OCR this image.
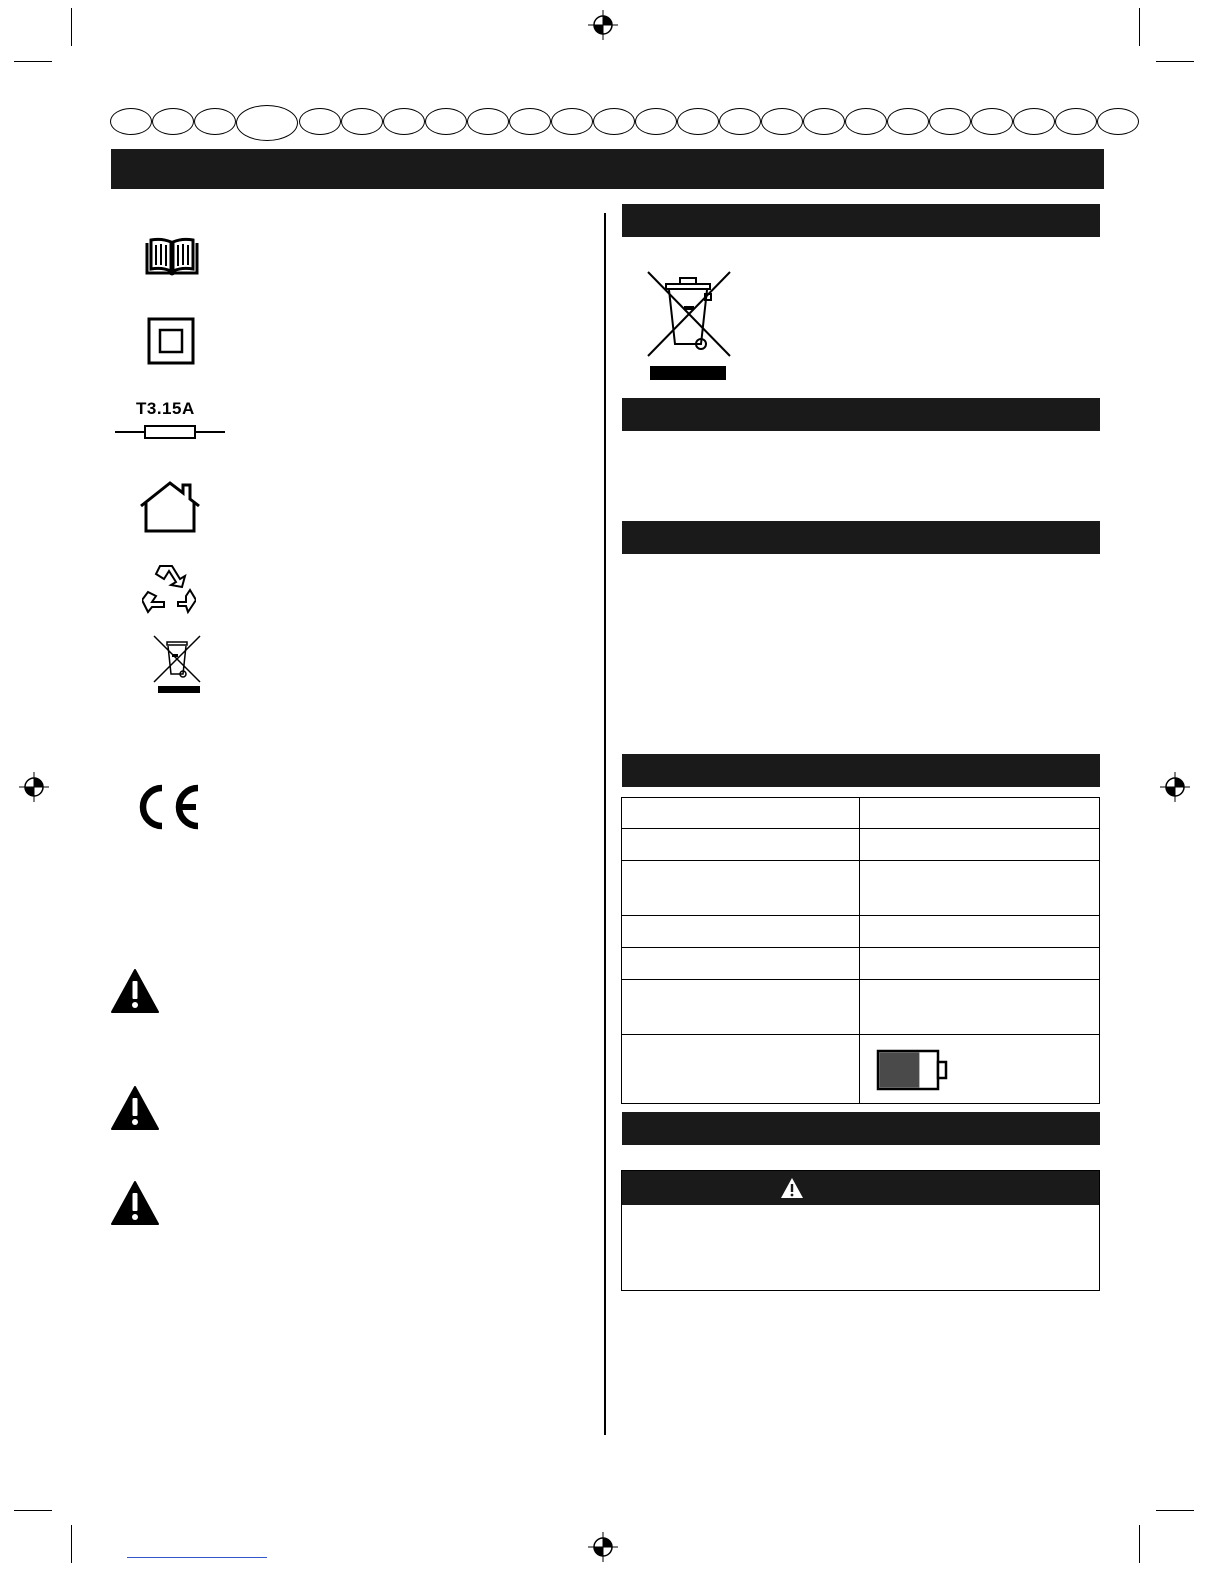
T3.15A
